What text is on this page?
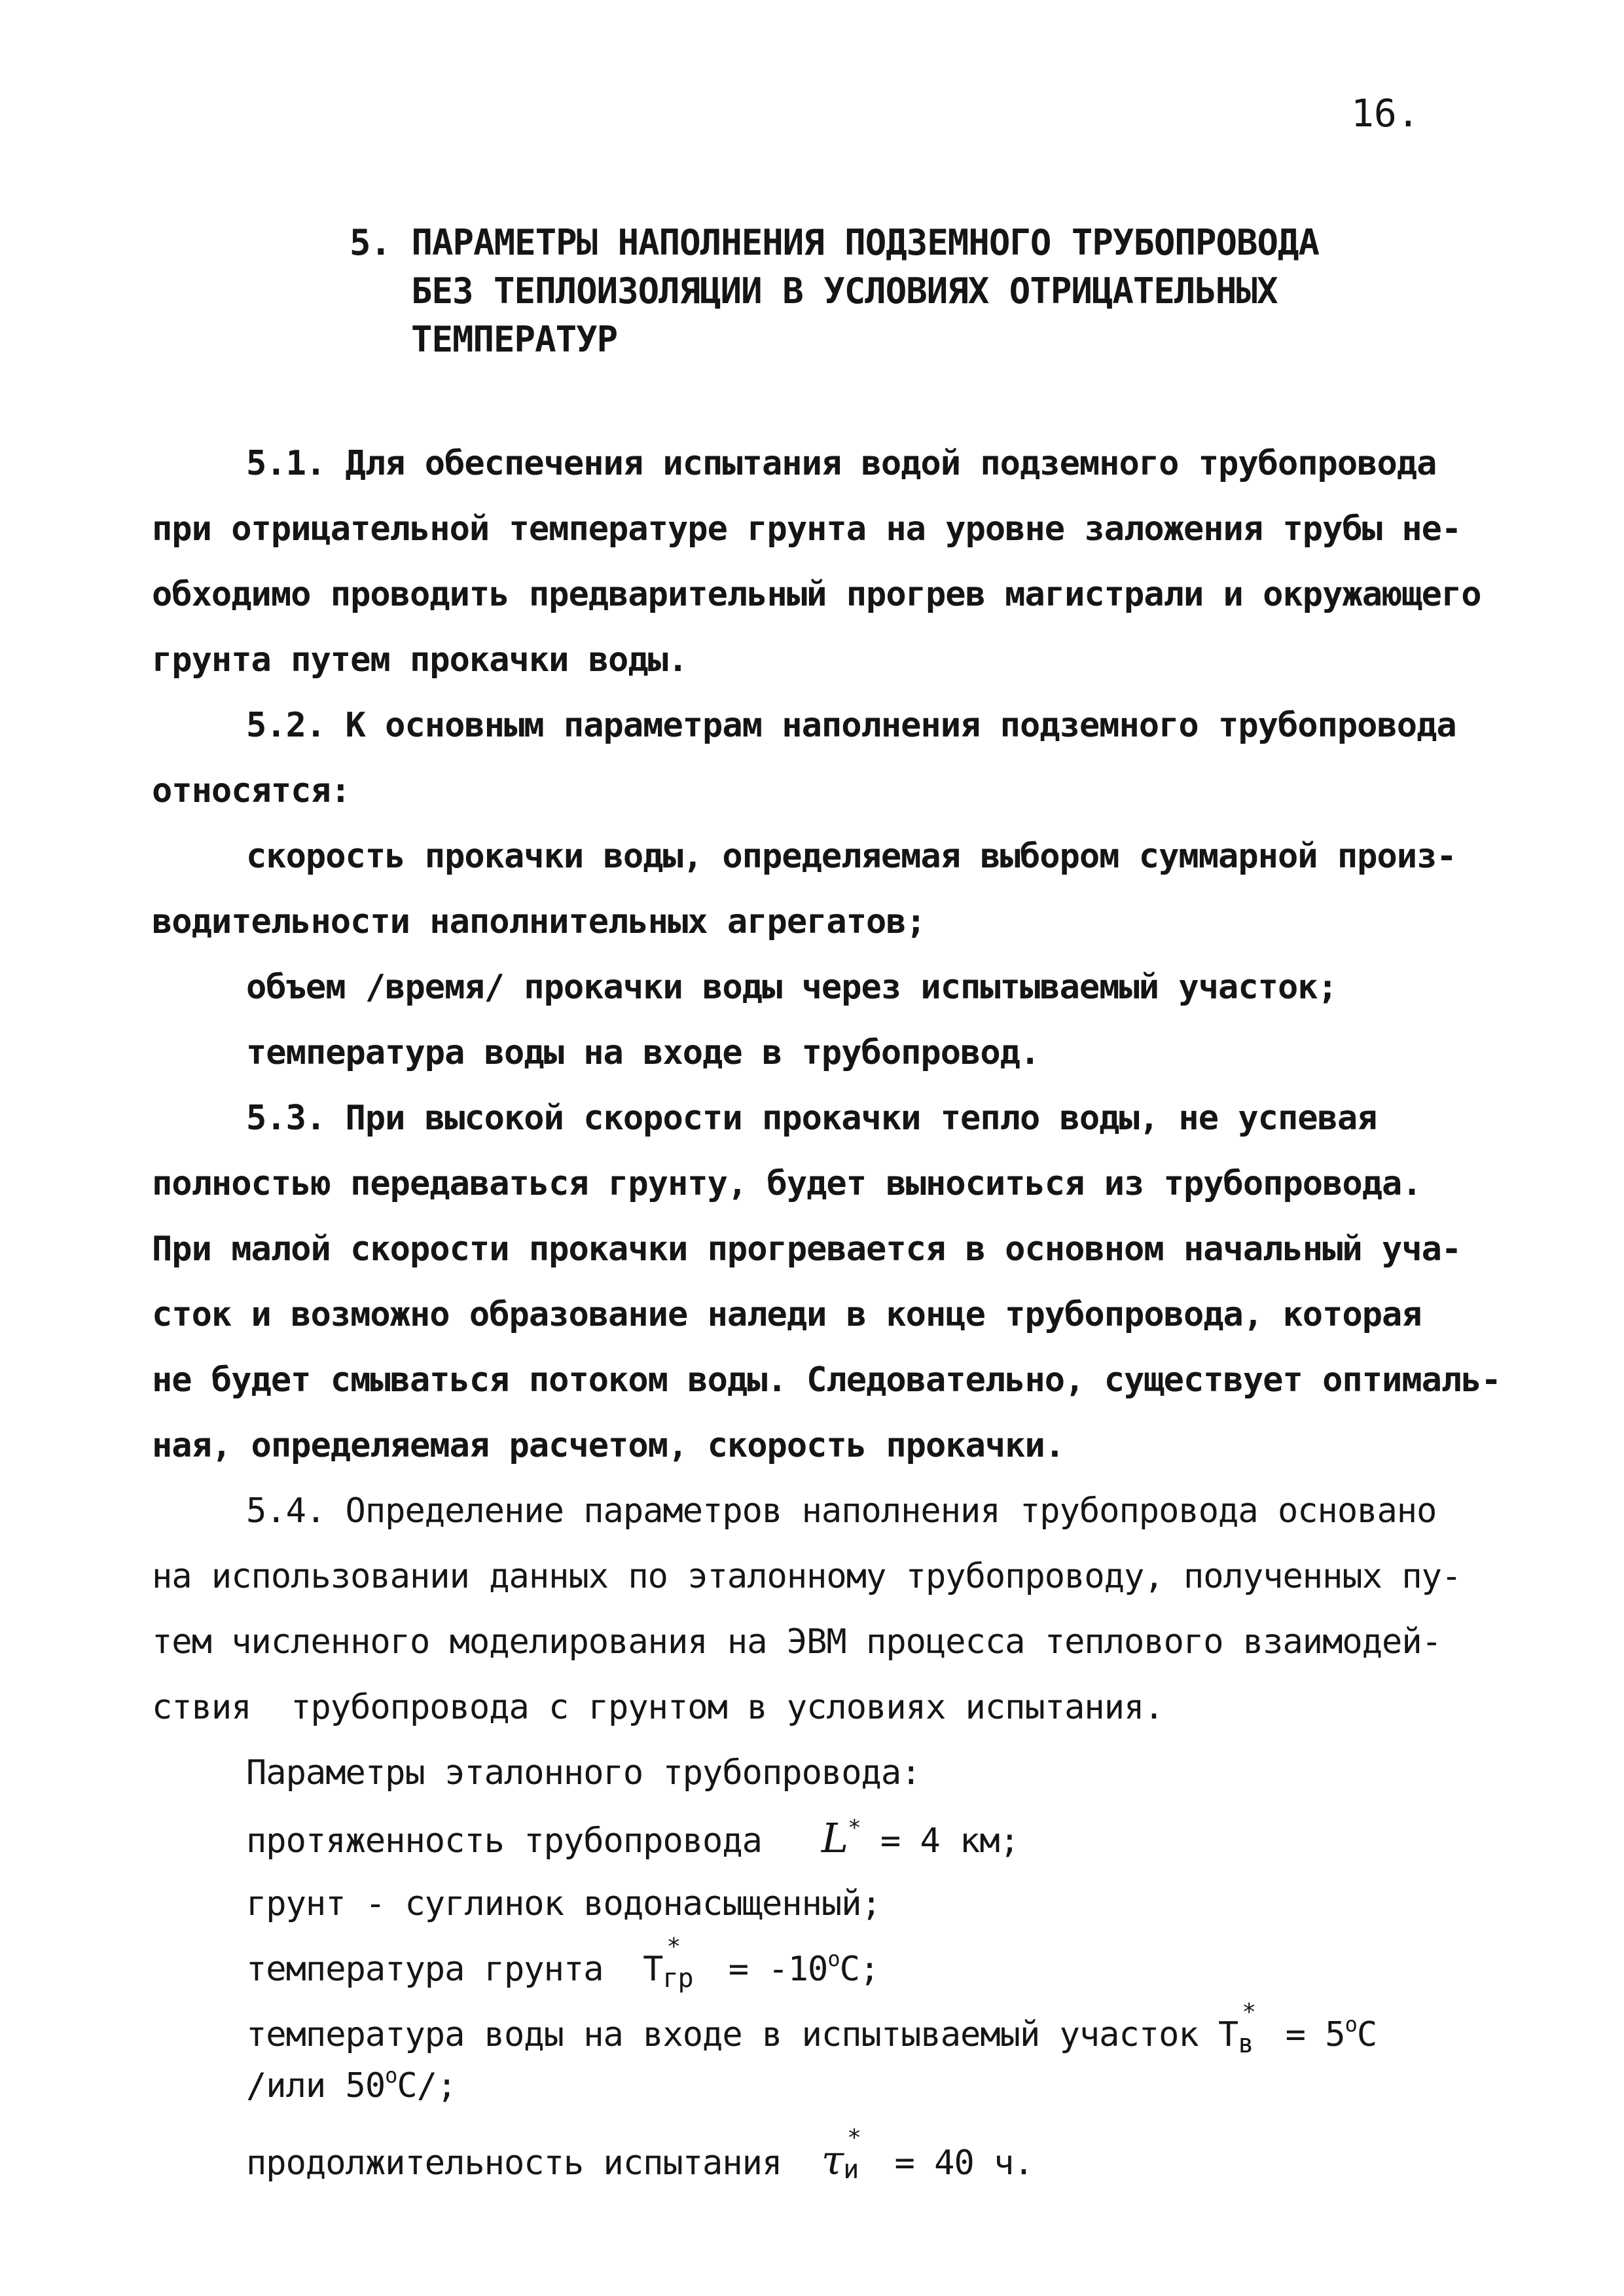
16.
5. ПАРАМЕТРЫ НАПОЛНЕНИЯ ПОДЗЕМНОГО ТРУБОПРОВОДА
БЕЗ ТЕПЛОИЗОЛЯЦИИ В УСЛОВИЯХ ОТРИЦАТЕЛЬНЫХ
ТЕМПЕРАТУР
5.1. Для обеспечения испытания водой подземного трубопровода
при отрицательной температуре грунта на уровне заложения трубы не-
обходимо проводить предварительный прогрев магистрали и окружающего
грунта путем прокачки воды.
5.2. К основным параметрам наполнения подземного трубопровода
относятся:
скорость прокачки воды, определяемая выбором суммарной произ-
водительности наполнительных агрегатов;
объем /время/ прокачки воды через испытываемый участок;
температура воды на входе в трубопровод.
5.3. При высокой скорости прокачки тепло воды, не успевая
полностью передаваться грунту, будет выноситься из трубопровода.
При малой скорости прокачки прогревается в основном начальный уча-
сток и возможно образование наледи в конце трубопровода, которая
не будет смываться потоком воды. Следовательно, существует оптималь-
ная, определяемая расчетом, скорость прокачки.
5.4. Определение параметров наполнения трубопровода основано
на использовании данных по эталонному трубопроводу, полученных пу-
тем численного моделирования на ЭВМ процесса теплового взаимодей-
ствия  трубопровода с грунтом в условиях испытания.
Параметры эталонного трубопровода:
протяженность трубопровода L* = 4 км;
грунт - суглинок водонасыщенный;
температура грунта T
*
гр = $-10^оС$;
температура воды на входе в испытываемый участок T
*
$в = 5^оС$
/или $50^оС/$;
продолжительность испытания τ *
и = 40 ч.
